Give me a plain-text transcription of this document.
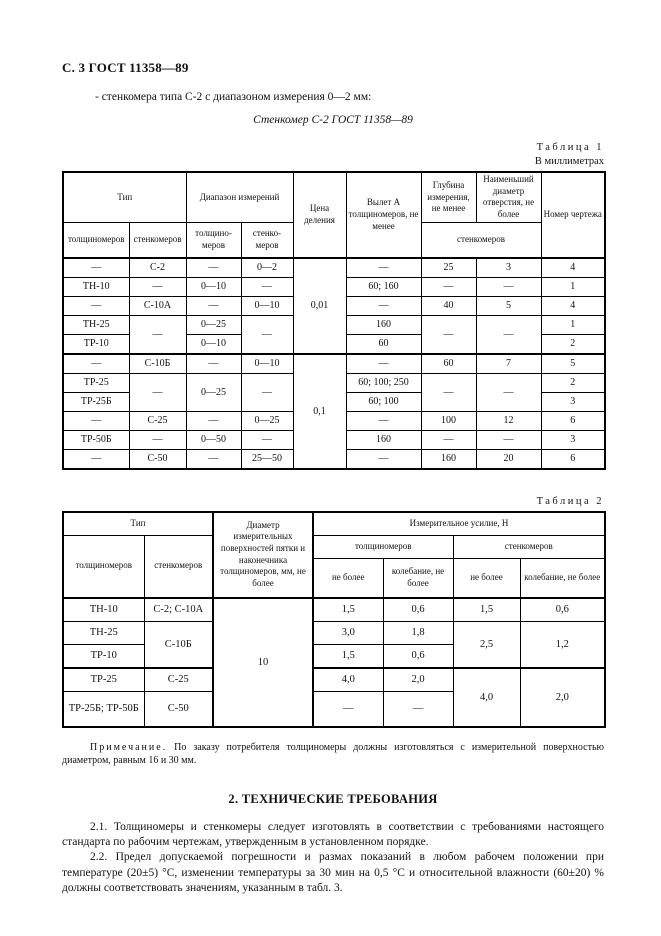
С. 3 ГОСТ 11358—89

- стенкомера типа С-2 с диапазоном измерения 0—2 мм:

Стенкомер С-2 ГОСТ 11358—89

Таблица 1
В миллиметрах
Тип		Диапазон измерений		Цена деления	Вылет А толщиномеров, не менее	Глубина измерения, не менее	Наименьший диаметр отверстия, не более	Номер чертежа
толщиномеров	стенкомеров	толщиномеров	стенкомеров			стенкомеров		
—	С-2	—	0—2	0,01	—	25	3	4
ТН-10	—	0—10	—		60; 160	—	—	1
—	С-10А	—	0—10		—	40	5	4
ТН-25	—	0—25	—		160	—	—	1
ТР-10		0—10			60			2
—	С-10Б	—	0—10	0,1	—	60	7	5
ТР-25	—	0—25	—		60; 100; 250	—	—	2
ТР-25Б					60; 100			3
—	С-25	—	0—25		—	100	12	6
ТР-50Б	—	0—50	—		160	—	—	3
—	С-50	—	25—50		—	160	20	6
Таблица 2
Тип		Диаметр измерительных поверхностей пятки и наконечника толщиномеров, мм, не более	Измерительное усилие, Н			
толщиномеров	стенкомеров		толщиномеров		стенкомеров	
			не более	колебание, не более	не более	колебание, не более
ТН-10	С-2; С-10А	10	1,5	0,6	1,5	0,6
ТН-25	С-10Б		3,0	1,8	2,5	1,2
ТР-10			1,5	0,6		
ТР-25	С-25		4,0	2,0	4,0	2,0
ТР-25Б; ТР-50Б	С-50		—	—		

Примечание. По заказу потребителя толщиномеры должны изготовляться с измерительной поверхностью диаметром, равным 16 и 30 мм.

2. ТЕХНИЧЕСКИЕ ТРЕБОВАНИЯ

2.1. Толщиномеры и стенкомеры следует изготовлять в соответствии с требованиями настоящего стандарта по рабочим чертежам, утвержденным в установленном порядке.

2.2. Предел допускаемой погрешности и размах показаний в любом рабочем положении при температуре (20±5) °С, изменении температуры за 30 мин на 0,5 °С и относительной влажности (60±20) % должны соответствовать значениям, указанным в табл. 3.
